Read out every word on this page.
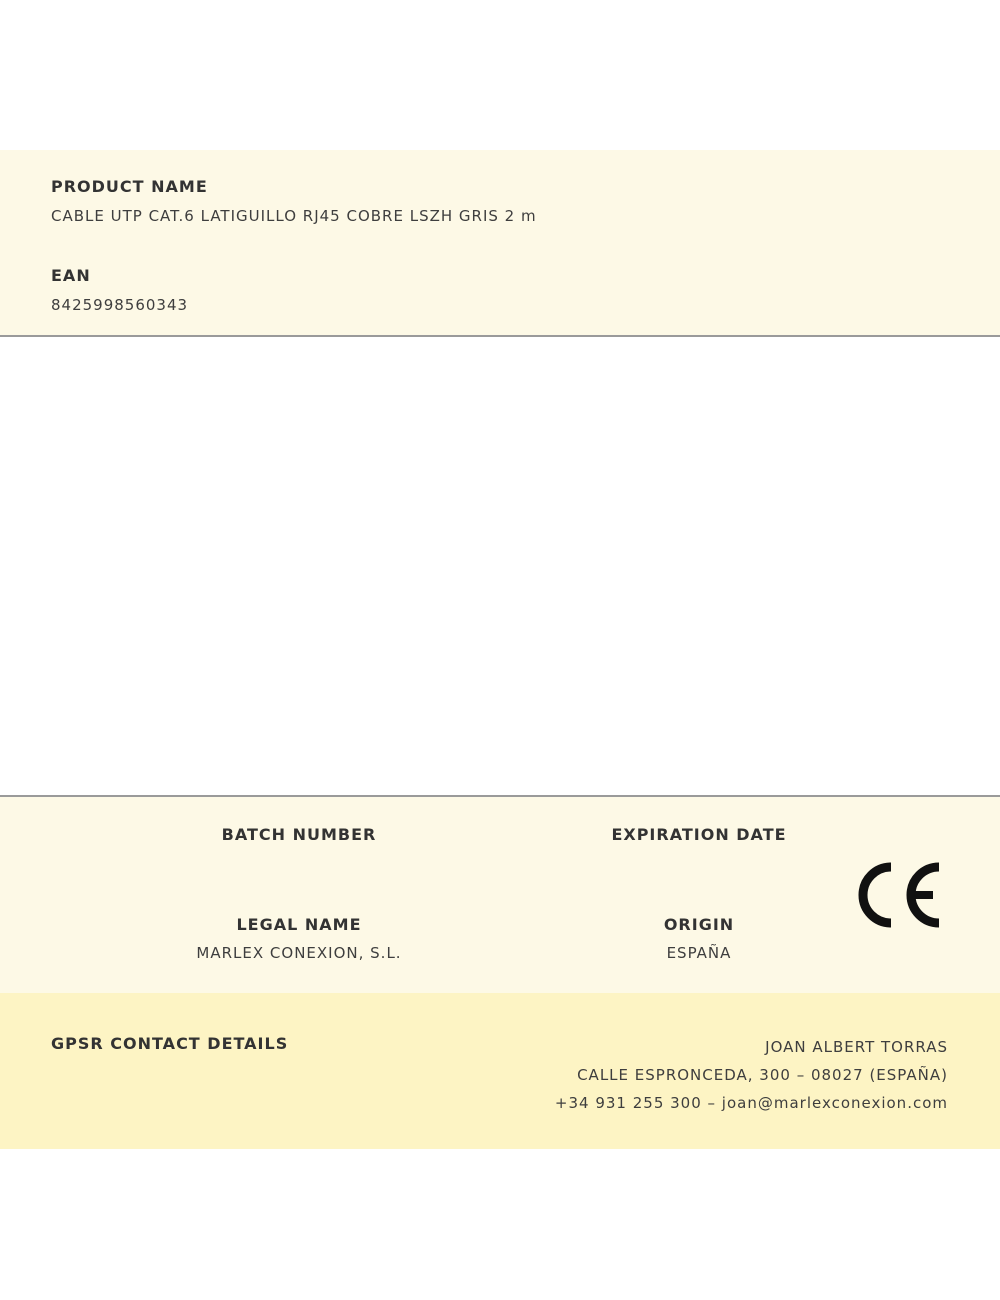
PRODUCT NAME
CABLE UTP CAT.6 LATIGUILLO RJ45 COBRE LSZH GRIS 2 m
EAN
8425998560343
BATCH NUMBER	EXPIRATION DATE
LEGAL NAME
MARLEX CONEXION, S.L.
ORIGIN
ESPAÑA
GPSR CONTACT DETAILS	JOAN ALBERT TORRAS
CALLE ESPRONCEDA, 300 – 08027 (ESPAÑA)
+34 931 255 300 – joan@marlexconexion.com
